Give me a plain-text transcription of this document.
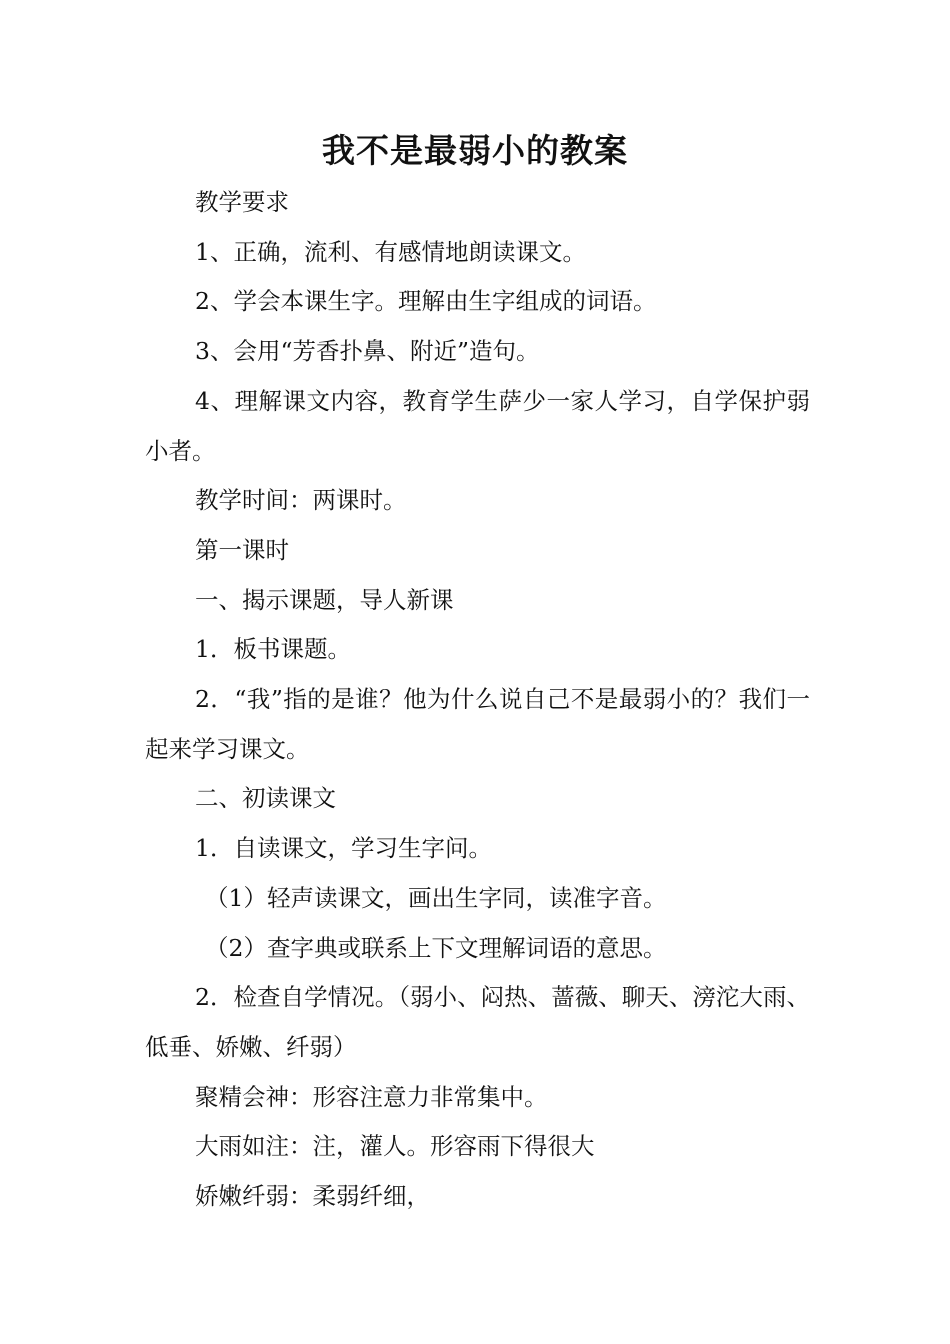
我不是最弱小的教案

教学要求

1、正确，流利、有感情地朗读课文。

2、学会本课生字。理解由生字组成的词语。

3、会用“芳香扑鼻、附近”造句。

4、理解课文内容，教育学生萨少一家人学习，自学保护弱小者。

教学时间：两课时。

第一课时

一、揭示课题，导人新课

1．板书课题。

2．“我”指的是谁？他为什么说自己不是最弱小的？我们一起来学习课文。

二、初读课文

1．自读课文，学习生字问。

（1）轻声读课文，画出生字同，读准字音。

（2）查字典或联系上下文理解词语的意思。

2．检查自学情况。（弱小、闷热、蔷薇、聊天、滂沱大雨、低垂、娇嫩、纤弱）

聚精会神：形容注意力非常集中。

大雨如注：注，灌人。形容雨下得很大

娇嫩纤弱：柔弱纤细，
